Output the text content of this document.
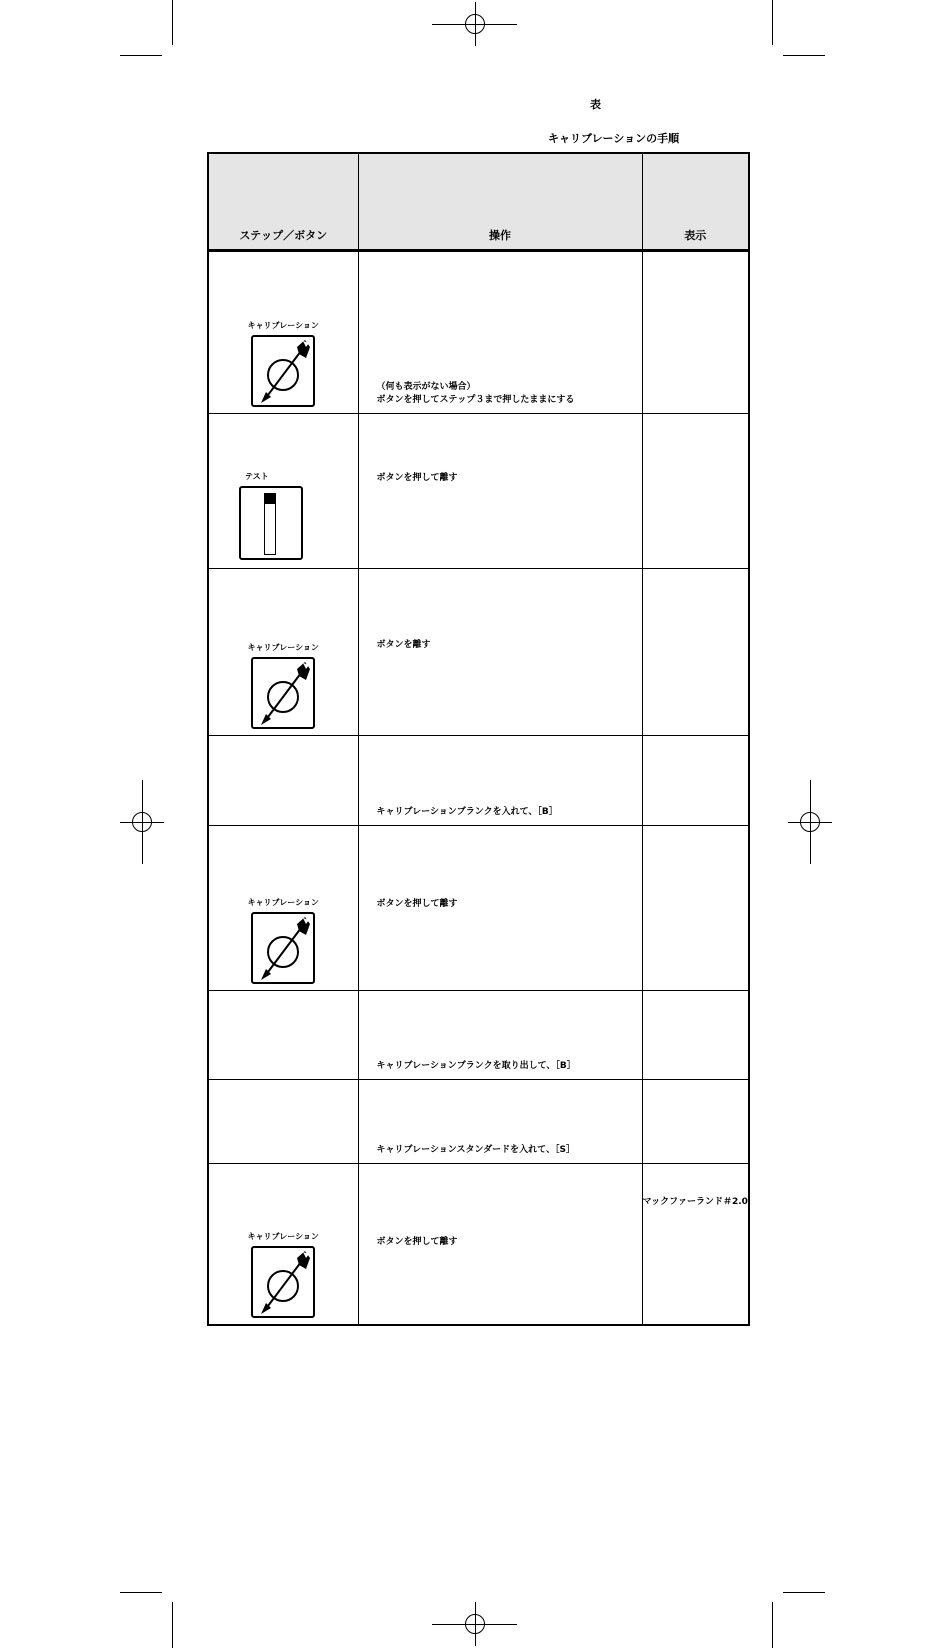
表
キャリブレーションの手順
ステップ／ボタン	操作	表示

キャリブレーション	（何も表示がない場合）
ボタンを押してステップ３まで押したままにする	

テスト	ボタンを押して離す	

キャリブレーション	ボタンを離す	

	キャリブレーションブランクを入れて、［B］	

キャリブレーション	ボタンを押して離す	

	キャリブレーションブランクを取り出して、［B］	

	キャリブレーションスタンダードを入れて、［S］	

キャリブレーション	ボタンを押して離す	マックファーランド＃2.0
